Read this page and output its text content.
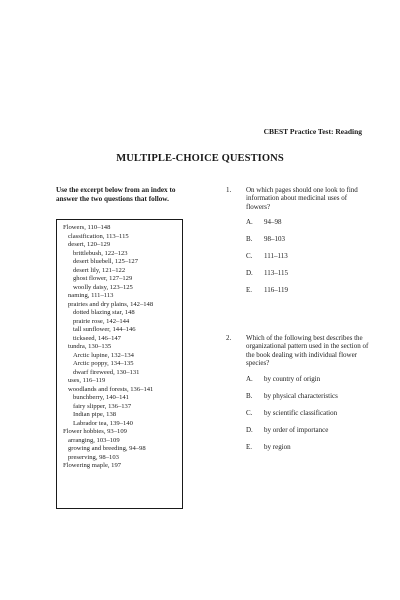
CBEST Practice Test: Reading
MULTIPLE-CHOICE QUESTIONS
Use the excerpt below from an index to answer the two questions that follow.
Flowers, 110–148
classification, 113–115
desert, 120–129
brittlebush, 122–123
desert bluebell, 125–127
desert lily, 121–122
ghost flower, 127–129
woolly daisy, 123–125
naming, 111–113
prairies and dry plains, 142–148
dotted blazing star, 148
prairie rose, 142–144
tall sunflower, 144–146
tickseed, 146–147
tundra, 130–135
Arctic lupine, 132–134
Arctic poppy, 134–135
dwarf fireweed, 130–131
uses, 116–119
woodlands and forests, 136–141
bunchberry, 140–141
fairy slipper, 136–137
Indian pipe, 138
Labrador tea, 139–140
Flower hobbies, 93–109
arranging, 103–109
growing and breeding, 94–98
preserving, 98–103
Flowering maple, 197
1. On which pages should one look to find information about medicinal uses of flowers?
A.	94–98
B.	98–103
C.	111–113
D.	113–115
E.	116–119
2. Which of the following best describes the organizational pattern used in the section of the book dealing with individual flower species?
A.	by country of origin
B.	by physical characteristics
C.	by scientific classification
D.	by order of importance
E.	by region
